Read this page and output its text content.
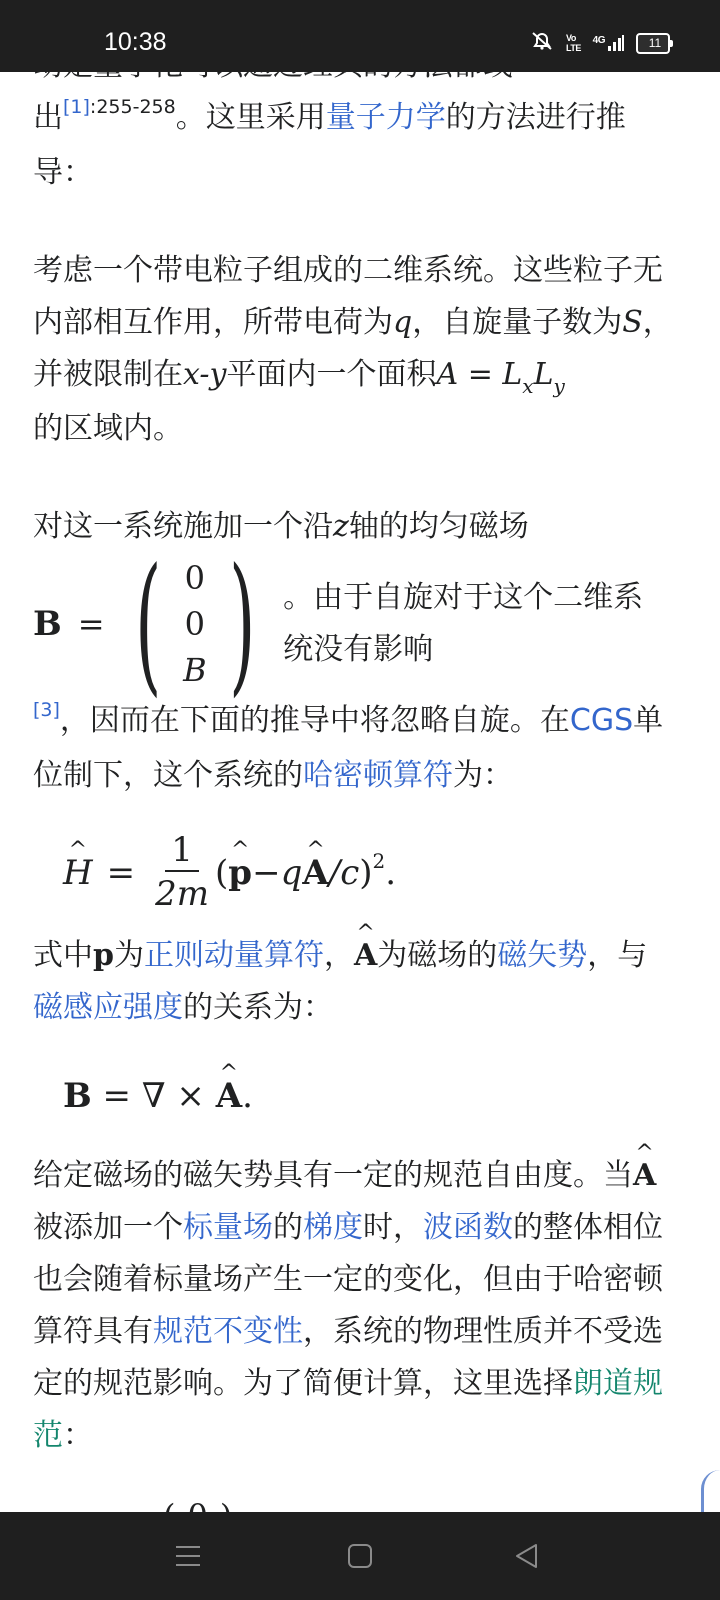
10:38	Vo
LTE
4G	11

出$^{[1]:255-258}$。这里采用量子力学的方法进行推导：

考虑一个带电粒子组成的二维系统。这些粒子无内部相互作用，所带电荷为q，自旋量子数为S，并被限制在x-y平面内一个面积$A = L_xL_y$
的区域内。

对这一系统施加一个沿z轴的均匀磁场

B = ( 0
0
B ) 。由于自旋对于这个二维系统没有影响

[3]，因而在下面的推导中将忽略自旋。在CGS单位制下，这个系统的哈密顿算符为：

^ $H = \frac{1}{2m}$ ( ^ p − q ^ A /c )$^2$ .

式中p为正则动量算符，^ A为磁场的磁矢势，与磁感应强度的关系为：

B = ∇ × ^ A.

给定磁场的磁矢势具有一定的规范自由度。当^ A被添加一个标量场的梯度时，波函数的整体相位也会随着标量场产生一定的变化，但由于哈密顿算符具有规范不变性，系统的物理性质并不受选定的规范影响。为了简便计算，这里选择朗道规范：
